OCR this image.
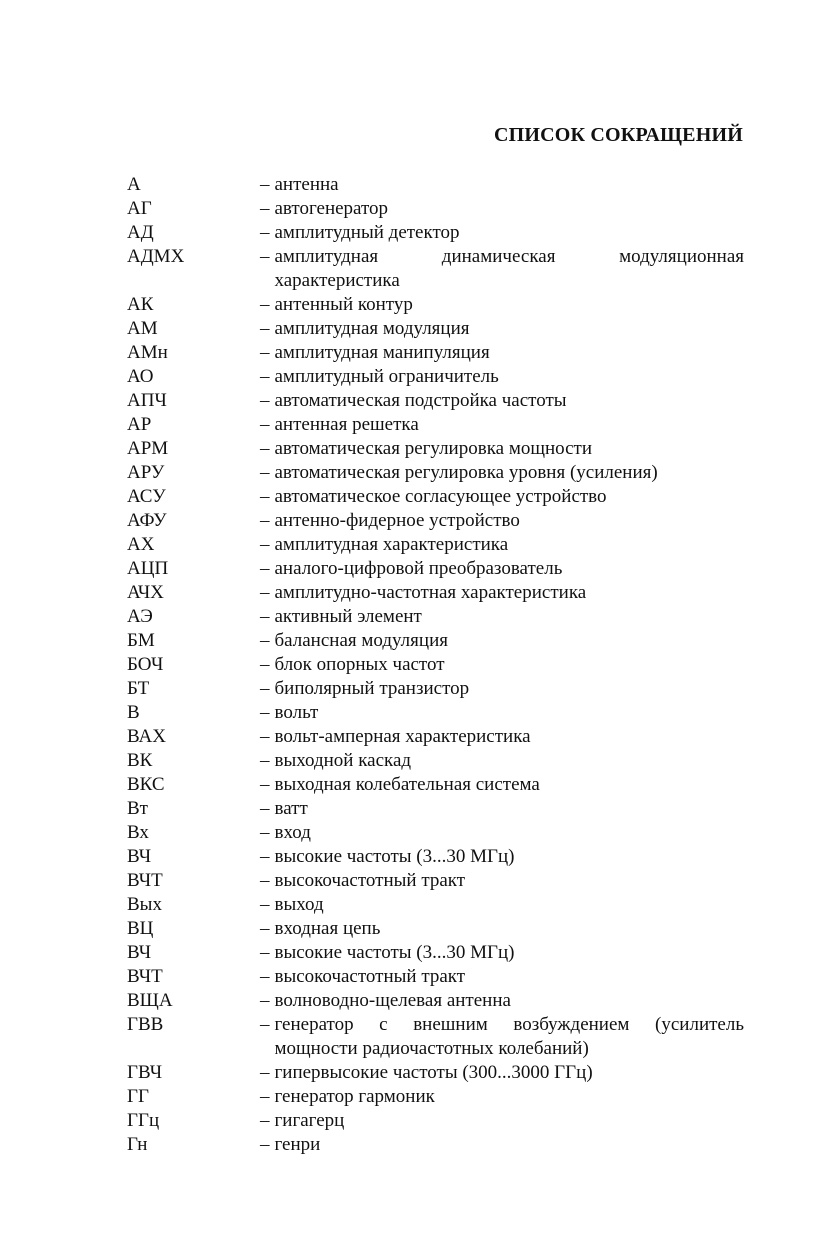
СПИСОК СОКРАЩЕНИЙ
А	– антенна
АГ	– автогенератор
АД	– амплитудный детектор
АДМХ	– амплитудная динамическая модуляционная характеристика
АК	– антенный контур
АМ	– амплитудная модуляция
АМн	– амплитудная манипуляция
АО	– амплитудный ограничитель
АПЧ	– автоматическая подстройка частоты
АР	– антенная решетка
АРМ	– автоматическая регулировка мощности
АРУ	– автоматическая регулировка уровня (усиления)
АСУ	– автоматическое согласующее устройство
АФУ	– антенно-фидерное устройство
АХ	– амплитудная характеристика
АЦП	– аналого-цифровой преобразователь
АЧХ	– амплитудно-частотная характеристика
АЭ	– активный элемент
БМ	– балансная модуляция
БОЧ	– блок опорных частот
БТ	– биполярный транзистор
В	– вольт
ВАХ	– вольт-амперная характеристика
ВК	– выходной каскад
ВКС	– выходная колебательная система
Вт	– ватт
Вх	– вход
ВЧ	– высокие частоты (3...30 МГц)
ВЧТ	– высокочастотный тракт
Вых	– выход
ВЦ	– входная цепь
ВЧ	– высокие частоты (3...30 МГц)
ВЧТ	– высокочастотный тракт
ВЩА	– волноводно-щелевая антенна
ГВВ	– генератор с внешним возбуждением (усилитель мощности радиочастотных колебаний)
ГВЧ	– гипервысокие частоты (300...3000 ГГц)
ГГ	– генератор гармоник
ГГц	– гигагерц
Гн	– генри
